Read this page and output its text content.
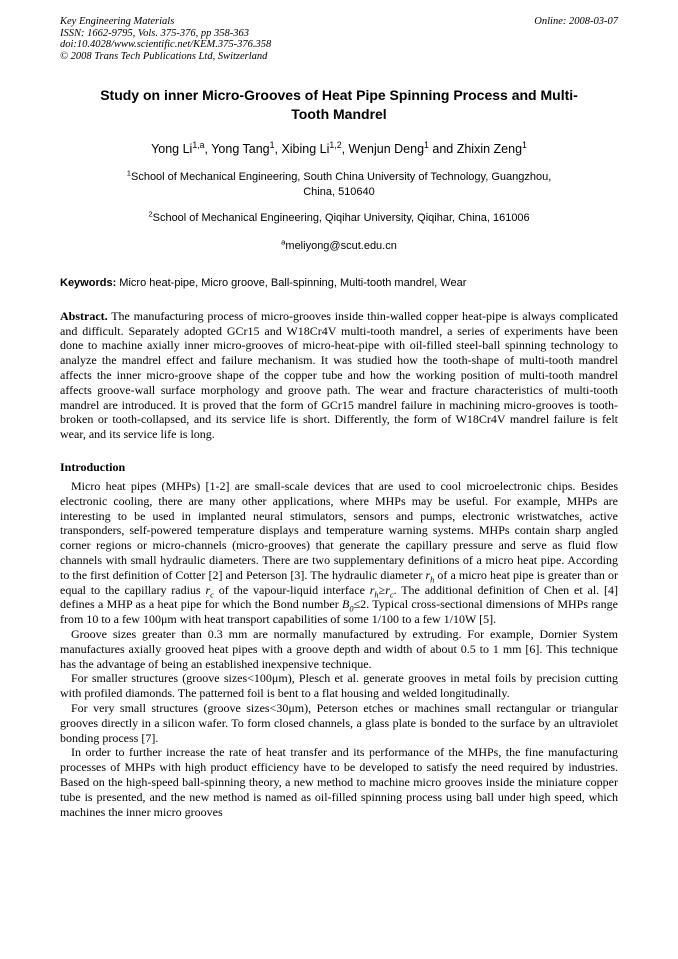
Key Engineering Materials
ISSN: 1662-9795, Vols. 375-376, pp 358-363
doi:10.4028/www.scientific.net/KEM.375-376.358
© 2008 Trans Tech Publications Ltd, Switzerland
Online: 2008-03-07
Study on inner Micro-Grooves of Heat Pipe Spinning Process and Multi-Tooth Mandrel
Yong Li$^{1,a}$, Yong Tang$^1$, Xibing Li$^{1,2}$, Wenjun Deng$^1$ and Zhixin Zeng$^1$
$^1$School of Mechanical Engineering, South China University of Technology, Guangzhou, China, 510640
$^2$School of Mechanical Engineering, Qiqihar University, Qiqihar, China, 161006
$^a$meliyong@scut.edu.cn
Keywords: Micro heat-pipe, Micro groove, Ball-spinning, Multi-tooth mandrel, Wear
Abstract. The manufacturing process of micro-grooves inside thin-walled copper heat-pipe is always complicated and difficult. Separately adopted GCr15 and W18Cr4V multi-tooth mandrel, a series of experiments have been done to machine axially inner micro-grooves of micro-heat-pipe with oil-filled steel-ball spinning technology to analyze the mandrel effect and failure mechanism. It was studied how the tooth-shape of multi-tooth mandrel affects the inner micro-groove shape of the copper tube and how the working position of multi-tooth mandrel affects groove-wall surface morphology and groove path. The wear and fracture characteristics of multi-tooth mandrel are introduced. It is proved that the form of GCr15 mandrel failure in machining micro-grooves is tooth-broken or tooth-collapsed, and its service life is short. Differently, the form of W18Cr4V mandrel failure is felt wear, and its service life is long.
Introduction

Micro heat pipes (MHPs) [1-2] are small-scale devices that are used to cool microelectronic chips. Besides electronic cooling, there are many other applications, where MHPs may be useful. For example, MHPs are interesting to be used in implanted neural stimulators, sensors and pumps, electronic wristwatches, active transponders, self-powered temperature displays and temperature warning systems. MHPs contain sharp angled corner regions or micro-channels (micro-grooves) that generate the capillary pressure and serve as fluid flow channels with small hydraulic diameters. There are two supplementary definitions of a micro heat pipe. According to the first definition of Cotter [2] and Peterson [3]. The hydraulic diameter $r_h$ of a micro heat pipe is greater than or equal to the capillary radius $r_c$ of the vapour-liquid interface $r_h\ge r_c$. The additional definition of Chen et al. [4] defines a MHP as a heat pipe for which the Bond number $B_0\le 2$. Typical cross-sectional dimensions of MHPs range from 10 to a few 100μm with heat transport capabilities of some 1/100 to a few 1/10W [5].

Groove sizes greater than 0.3 mm are normally manufactured by extruding. For example, Dornier System manufactures axially grooved heat pipes with a groove depth and width of about 0.5 to 1 mm [6]. This technique has the advantage of being an established inexpensive technique.

For smaller structures (groove sizes<100μm), Plesch et al. generate grooves in metal foils by precision cutting with profiled diamonds. The patterned foil is bent to a flat housing and welded longitudinally.

For very small structures (groove sizes<30μm), Peterson etches or machines small rectangular or triangular grooves directly in a silicon wafer. To form closed channels, a glass plate is bonded to the surface by an ultraviolet bonding process [7].

In order to further increase the rate of heat transfer and its performance of the MHPs, the fine manufacturing processes of MHPs with high product efficiency have to be developed to satisfy the need required by industries. Based on the high-speed ball-spinning theory, a new method to machine micro grooves inside the miniature copper tube is presented, and the new method is named as oil-filled spinning process using ball under high speed, which machines the inner micro grooves
